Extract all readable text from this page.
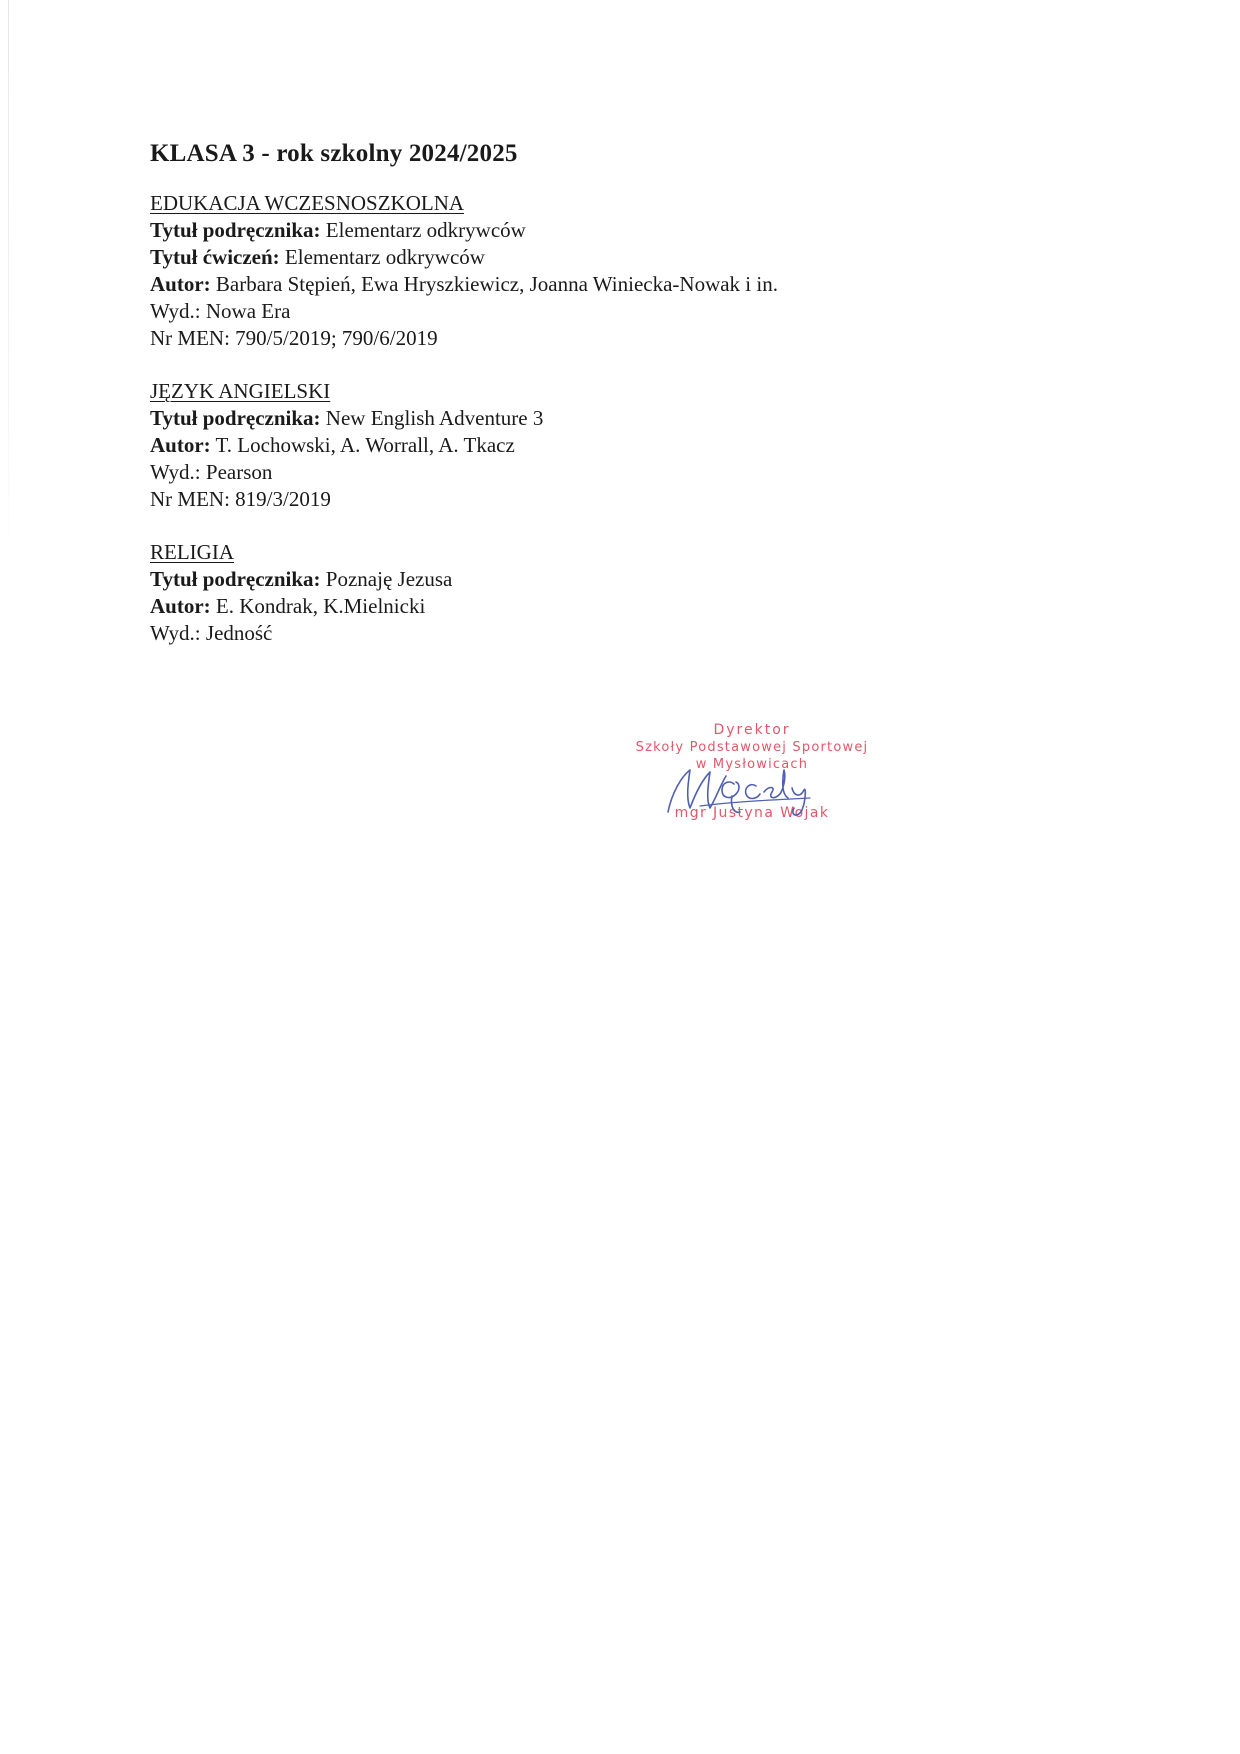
KLASA 3 - rok szkolny 2024/2025
EDUKACJA WCZESNOSZKOLNA
Tytuł podręcznika: Elementarz odkrywców
Tytuł ćwiczeń: Elementarz odkrywców
Autor: Barbara Stępień, Ewa Hryszkiewicz, Joanna Winiecka-Nowak i in.
Wyd.: Nowa Era
Nr MEN: 790/5/2019; 790/6/2019
JĘZYK ANGIELSKI
Tytuł podręcznika: New English Adventure 3
Autor: T. Lochowski, A. Worrall, A. Tkacz
Wyd.: Pearson
Nr MEN: 819/3/2019
RELIGIA
Tytuł podręcznika: Poznaję Jezusa
Autor: E. Kondrak, K.Mielnicki
Wyd.: Jedność
Dyrektor
Szkoły Podstawowej Sportowej
w Mysłowicach
mgr Justyna Wojak
